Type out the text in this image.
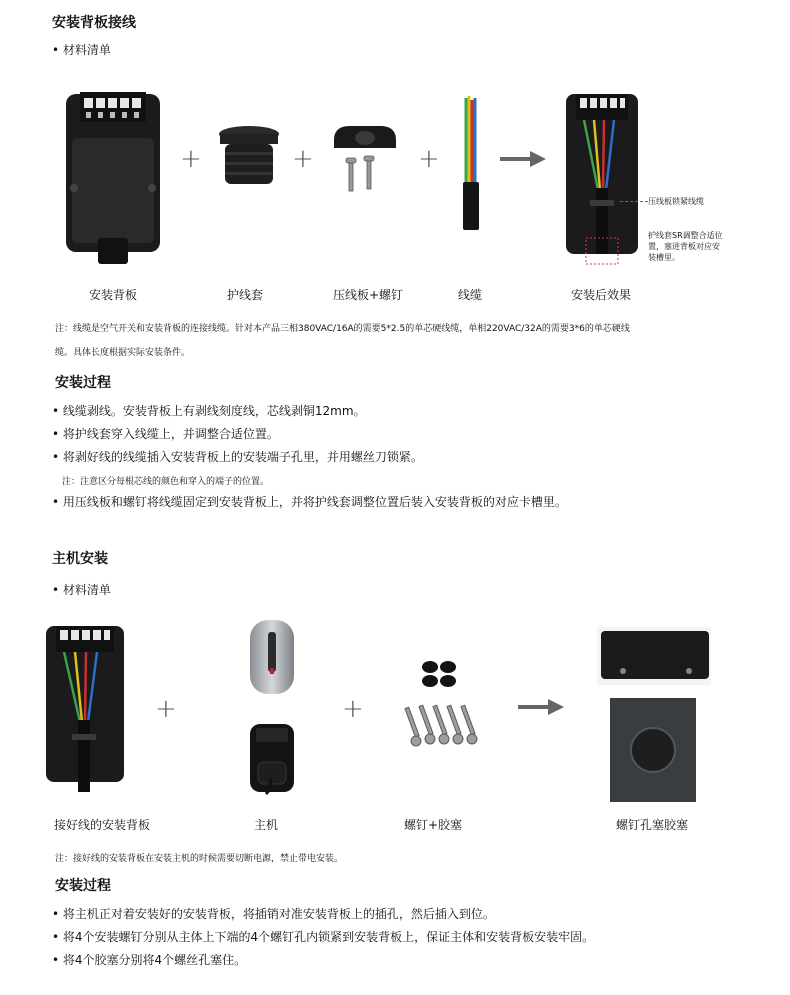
安装背板接线
• 材料清单
+	+	+
压线板锁紧线缆
护线套SR调整合适位
置，塞进背板对应安
装槽里。
安装背板	护线套	压线板+螺钉	线缆	安装后效果
注：线缆是空气开关和安装背板的连接线缆。针对本产品三相380VAC/16A的需要5*2.5的单芯硬线缆，单相220VAC/32A的需要3*6的单芯硬线
缆。具体长度根据实际安装条件。
安装过程
• 线缆剥线。安装背板上有剥线刻度线，芯线剥铜12mm。
• 将护线套穿入线缆上，并调整合适位置。
• 将剥好线的线缆插入安装背板上的安装端子孔里，并用螺丝刀锁紧。
注：注意区分每根芯线的颜色和穿入的端子的位置。
• 用压线板和螺钉将线缆固定到安装背板上，并将护线套调整位置后装入安装背板的对应卡槽里。
主机安装
• 材料清单
+	+
接好线的安装背板	主机	螺钉+胶塞	螺钉孔塞胶塞
注：接好线的安装背板在安装主机的时候需要切断电源，禁止带电安装。
安装过程
• 将主机正对着安装好的安装背板，将插销对准安装背板上的插孔，然后插入到位。
• 将4个安装螺钉分别从主体上下端的4个螺钉孔内锁紧到安装背板上，保证主体和安装背板安装牢固。
• 将4个胶塞分别将4个螺丝孔塞住。
